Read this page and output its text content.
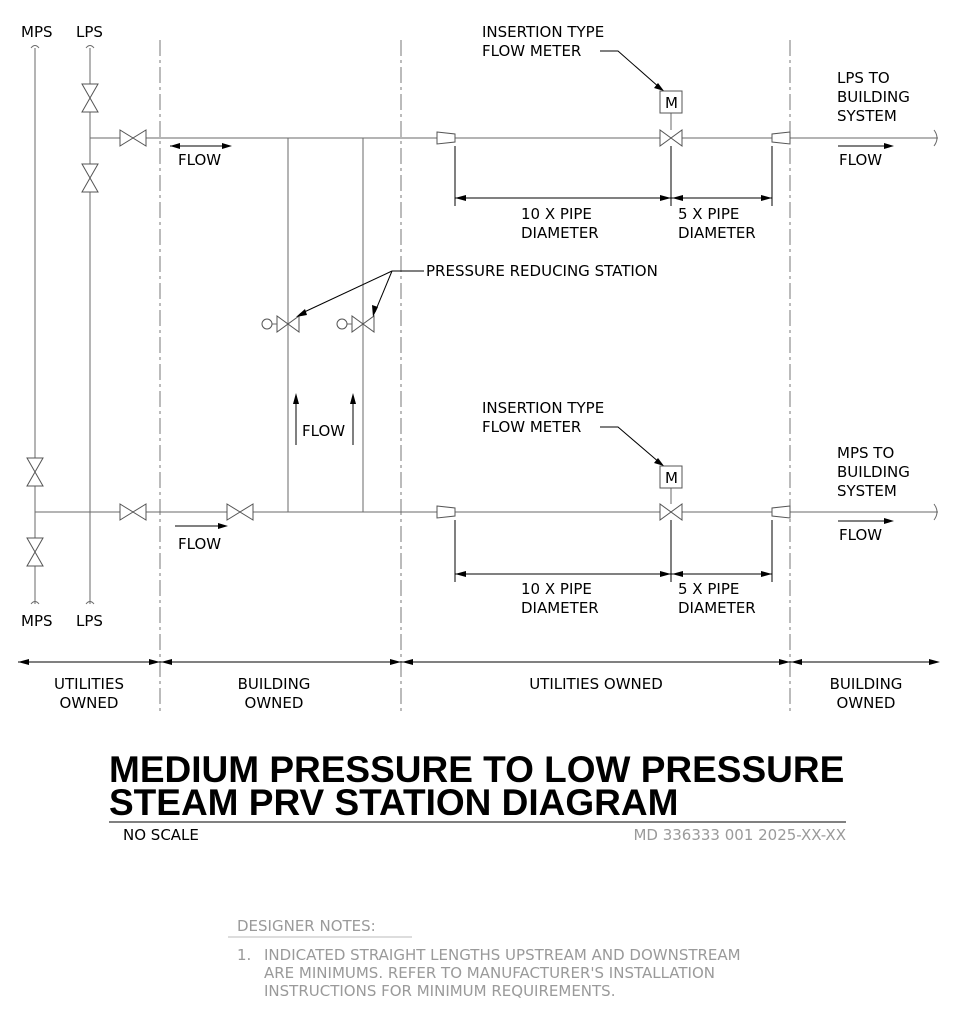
MPS LPS
MPS LPS
FLOW
M
INSERTION TYPE
FLOW METER
10 X PIPE
DIAMETER
5 X PIPE
DIAMETER
LPS TO
BUILDING
SYSTEM
FLOW
PRESSURE REDUCING STATION
FLOW
FLOW
M
INSERTION TYPE
FLOW METER
10 X PIPE
DIAMETER
5 X PIPE
DIAMETER
MPS TO
BUILDING
SYSTEM
FLOW
UTILITIES
OWNED
BUILDING
OWNED
UTILITIES OWNED	BUILDING
OWNED
MEDIUM PRESSURE TO LOW PRESSURE
STEAM PRV STATION DIAGRAM
NO SCALE	MD 336333 001 2025-XX-XX
DESIGNER NOTES:
1. INDICATED STRAIGHT LENGTHS UPSTREAM AND DOWNSTREAM
ARE MINIMUMS. REFER TO MANUFACTURER'S INSTALLATION
INSTRUCTIONS FOR MINIMUM REQUIREMENTS.
